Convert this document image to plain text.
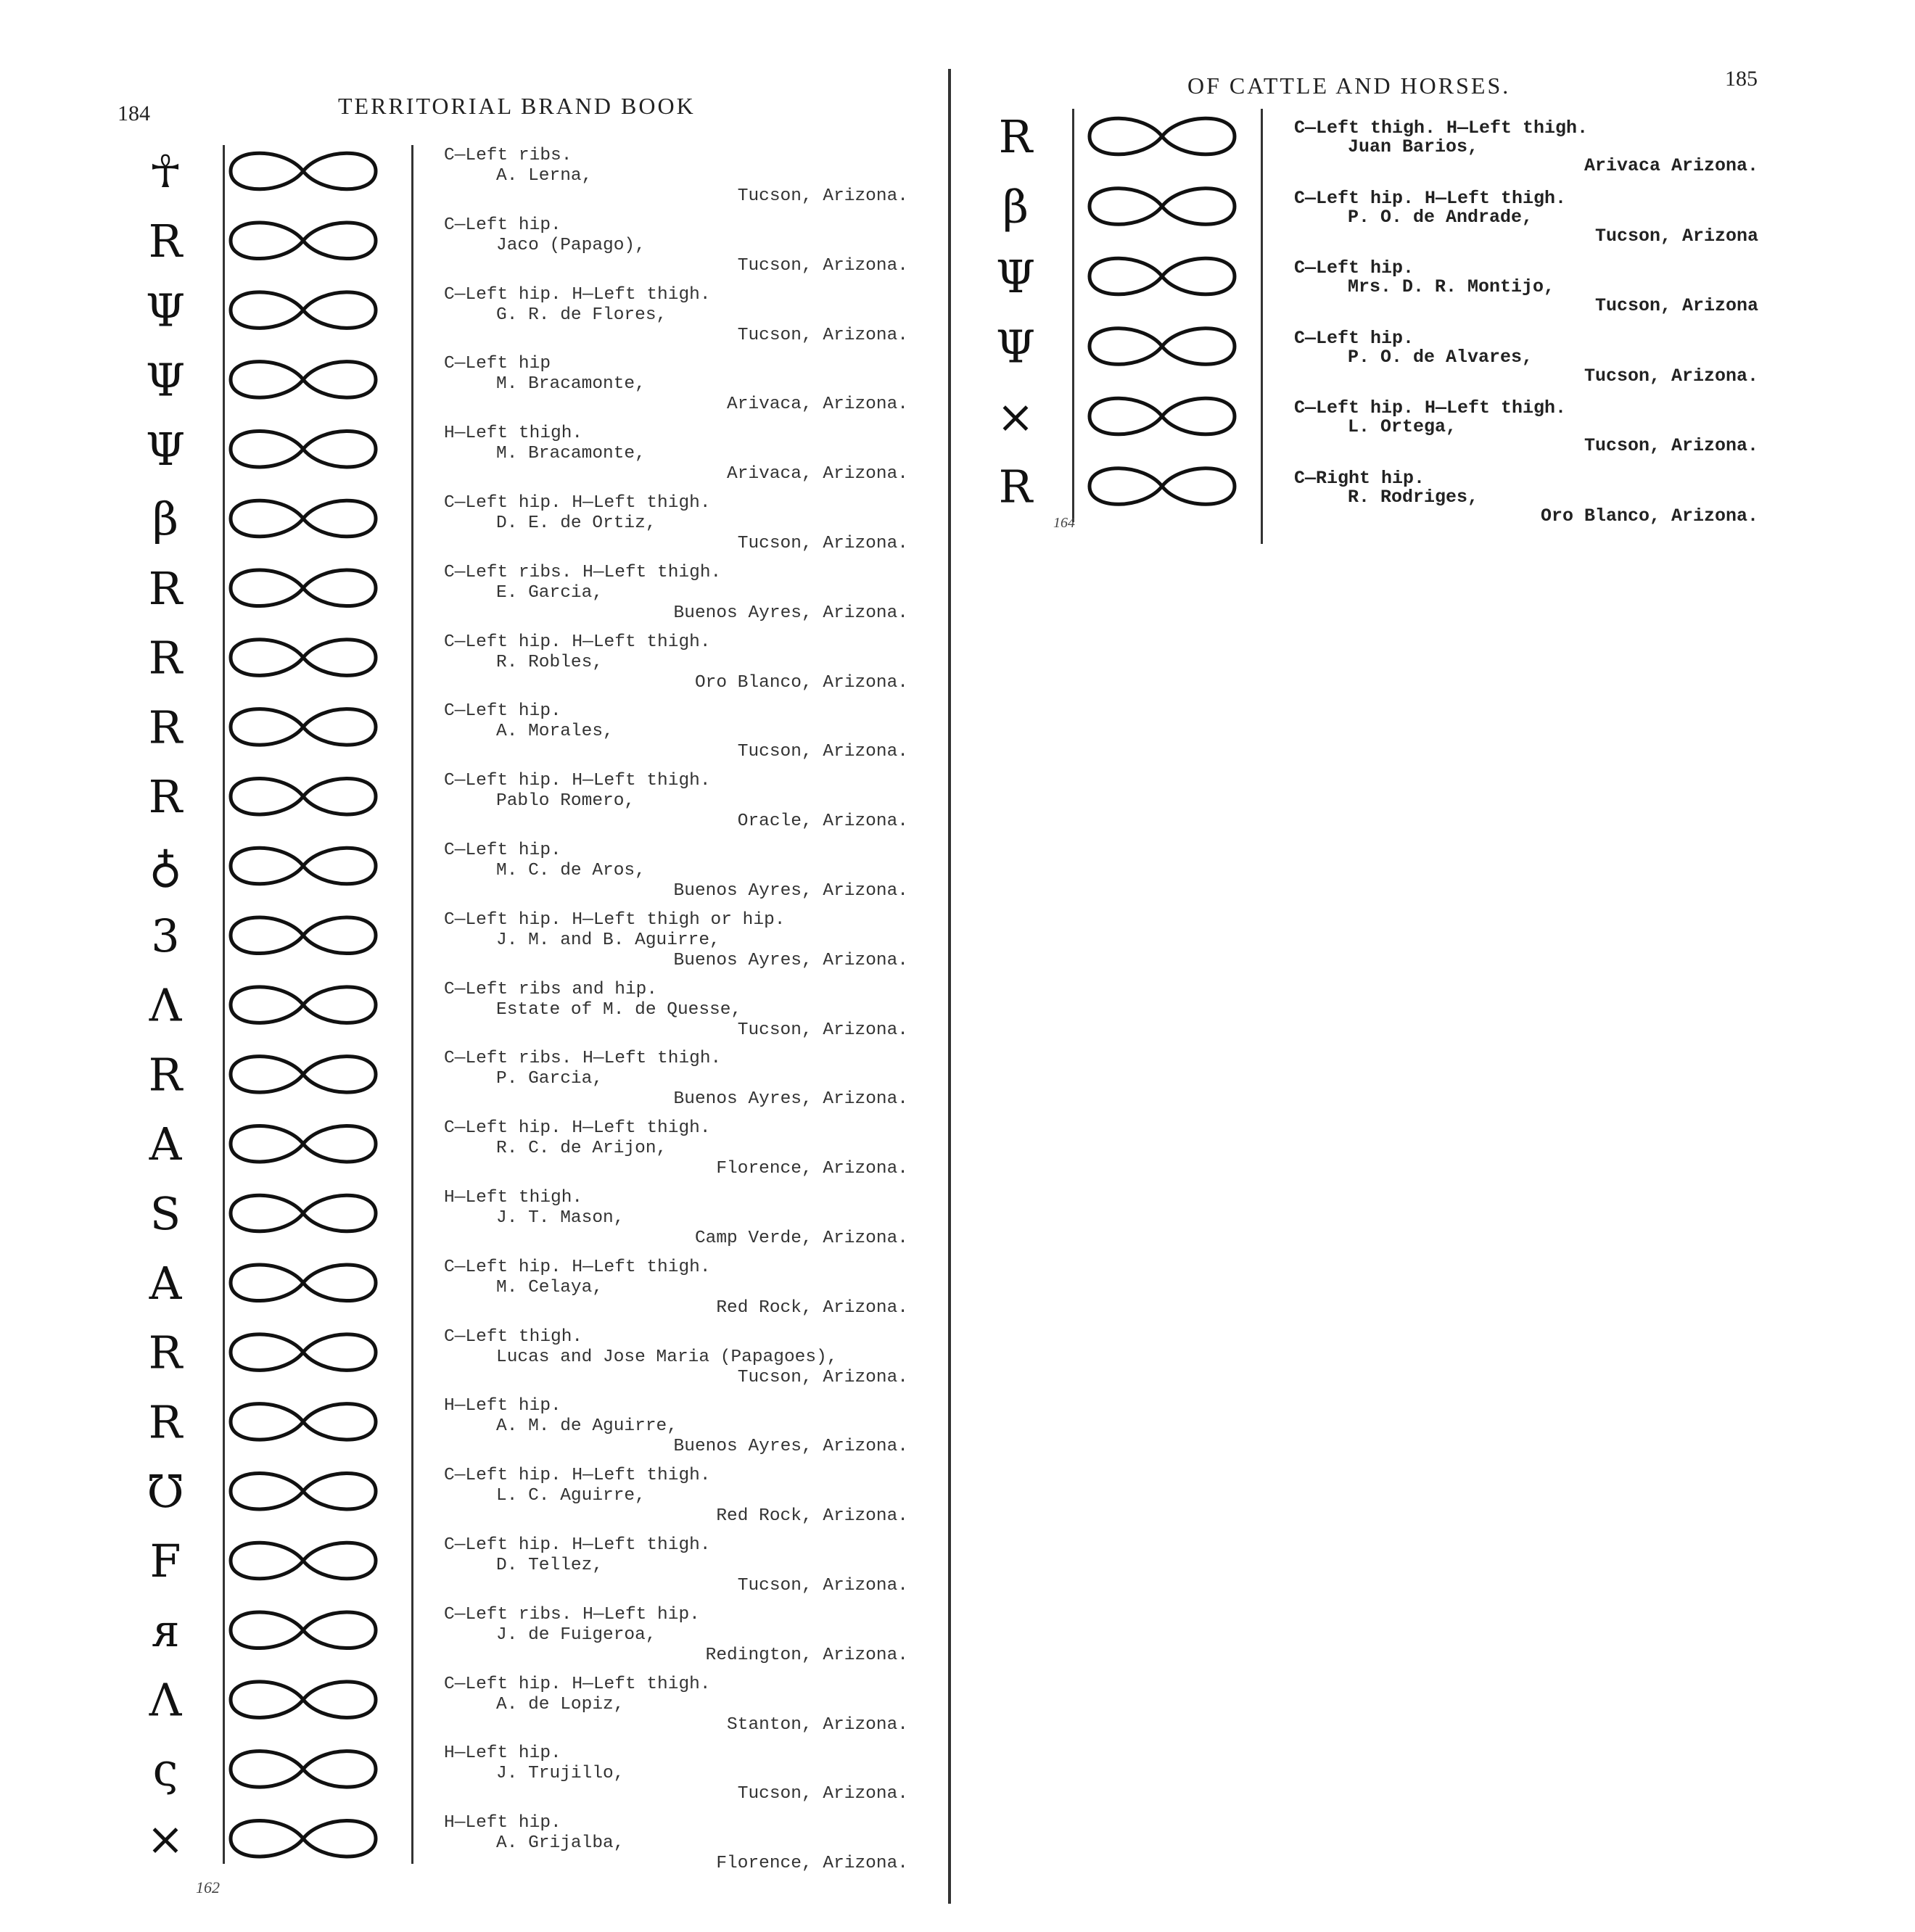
184	TERRITORIAL BRAND BOOK
OF CATTLE AND HORSES.	185
☥
R
Ψ
Ψ
Ψ
β
R
R
R
R
♁
3
Λ
R
A
S
A
R
R
℧
F
ᴙ
Λ
ς
⨯
R
β
Ψ
Ψ
⨯
R
C—Left ribs.
A. Lerna,
Tucson, Arizona.
C—Left hip.
Jaco (Papago),
Tucson, Arizona.
C—Left hip. H—Left thigh.
G. R. de Flores,
Tucson, Arizona.
C—Left hip
M. Bracamonte,
Arivaca, Arizona.
H—Left thigh.
M. Bracamonte,
Arivaca, Arizona.
C—Left hip. H—Left thigh.
D. E. de Ortiz,
Tucson, Arizona.
C—Left ribs. H—Left thigh.
E. Garcia,
Buenos Ayres, Arizona.
C—Left hip. H—Left thigh.
R. Robles,
Oro Blanco, Arizona.
C—Left hip.
A. Morales,
Tucson, Arizona.
C—Left hip. H—Left thigh.
Pablo Romero,
Oracle, Arizona.
C—Left hip.
M. C. de Aros,
Buenos Ayres, Arizona.
C—Left hip. H—Left thigh or hip.
J. M. and B. Aguirre,
Buenos Ayres, Arizona.
C—Left ribs and hip.
Estate of M. de Quesse,
Tucson, Arizona.
C—Left ribs. H—Left thigh.
P. Garcia,
Buenos Ayres, Arizona.
C—Left hip. H—Left thigh.
R. C. de Arijon,
Florence, Arizona.
H—Left thigh.
J. T. Mason,
Camp Verde, Arizona.
C—Left hip. H—Left thigh.
M. Celaya,
Red Rock, Arizona.
C—Left thigh.
Lucas and Jose Maria (Papagoes),
Tucson, Arizona.
H—Left hip.
A. M. de Aguirre,
Buenos Ayres, Arizona.
C—Left hip. H—Left thigh.
L. C. Aguirre,
Red Rock, Arizona.
C—Left hip. H—Left thigh.
D. Tellez,
Tucson, Arizona.
C—Left ribs. H—Left hip.
J. de Fuigeroa,
Redington, Arizona.
C—Left hip. H—Left thigh.
A. de Lopiz,
Stanton, Arizona.
H—Left hip.
J. Trujillo,
Tucson, Arizona.
H—Left hip.
A. Grijalba,
Florence, Arizona.
C—Left thigh. H—Left thigh.
Juan Barios,
Arivaca Arizona.
C—Left hip. H—Left thigh.
P. O. de Andrade,
Tucson, Arizona
C—Left hip.
Mrs. D. R. Montijo,
Tucson, Arizona
C—Left hip.
P. O. de Alvares,
Tucson, Arizona.
C—Left hip. H—Left thigh.
L. Ortega,
Tucson, Arizona.
C—Right hip.
R. Rodriges,
Oro Blanco, Arizona.
162
164
